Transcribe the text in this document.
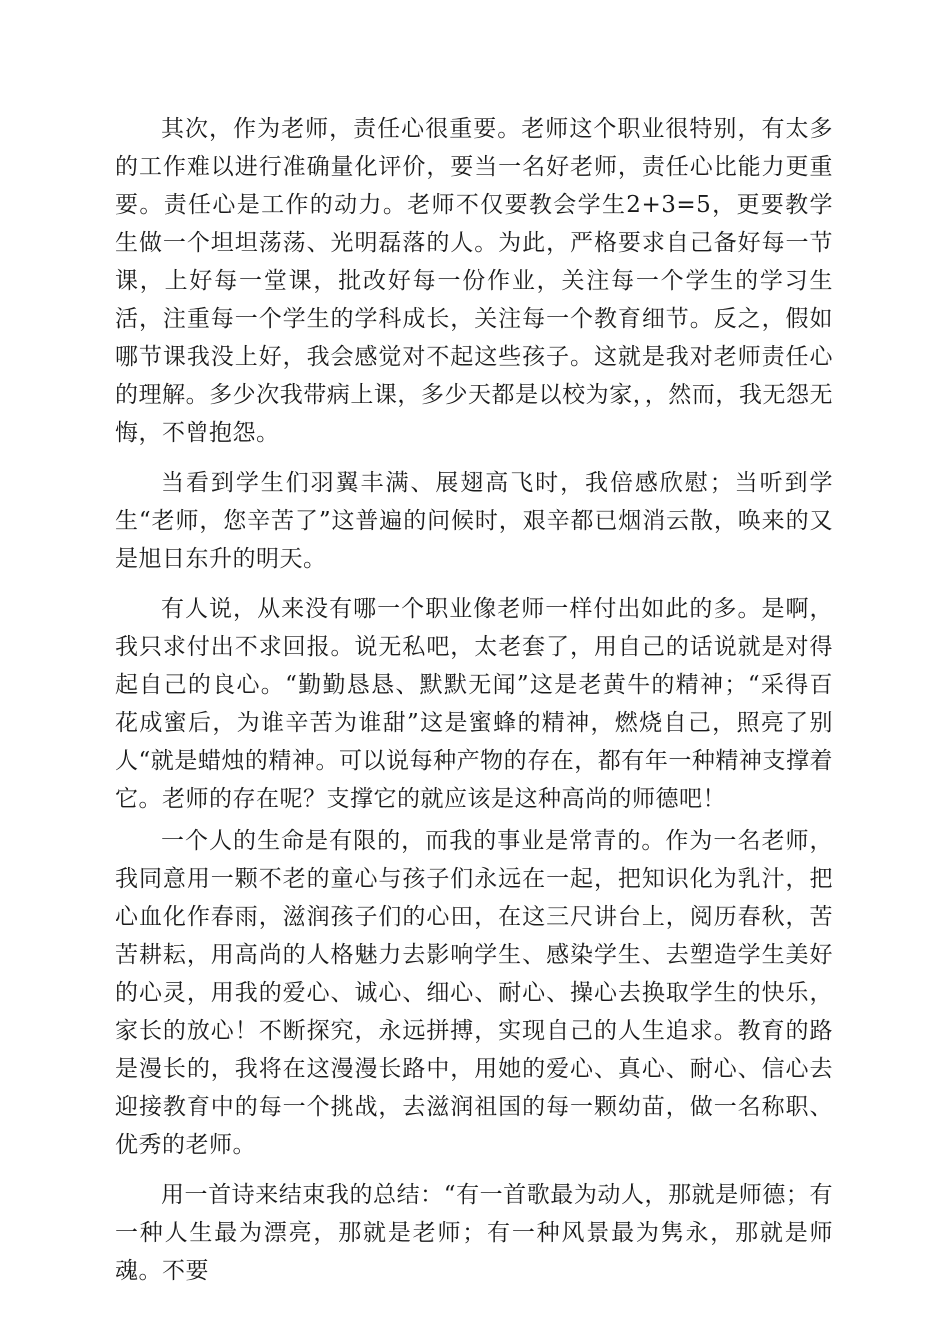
其次，作为老师，责任心很重要。老师这个职业很特别，有太多的工作难以进行准确量化评价，要当一名好老师，责任心比能力更重要。责任心是工作的动力。老师不仅要教会学生2+3=5，更要教学生做一个坦坦荡荡、光明磊落的人。为此，严格要求自己备好每一节课，上好每一堂课，批改好每一份作业，关注每一个学生的学习生活，注重每一个学生的学科成长，关注每一个教育细节。反之，假如哪节课我没上好，我会感觉对不起这些孩子。这就是我对老师责任心的理解。多少次我带病上课，多少天都是以校为家，，然而，我无怨无悔，不曾抱怨。

当看到学生们羽翼丰满、展翅高飞时，我倍感欣慰；当听到学生“老师，您辛苦了”这普遍的问候时，艰辛都已烟消云散，唤来的又是旭日东升的明天。

有人说，从来没有哪一个职业像老师一样付出如此的多。是啊，我只求付出不求回报。说无私吧，太老套了，用自己的话说就是对得起自己的良心。“勤勤恳恳、默默无闻”这是老黄牛的精神；“采得百花成蜜后，为谁辛苦为谁甜”这是蜜蜂的精神，燃烧自己，照亮了别人“就是蜡烛的精神。可以说每种产物的存在，都有年一种精神支撑着它。老师的存在呢？支撑它的就应该是这种高尚的师德吧！

一个人的生命是有限的，而我的事业是常青的。作为一名老师，我同意用一颗不老的童心与孩子们永远在一起，把知识化为乳汁，把心血化作春雨，滋润孩子们的心田，在这三尺讲台上，阅历春秋，苦苦耕耘，用高尚的人格魅力去影响学生、感染学生、去塑造学生美好的心灵，用我的爱心、诚心、细心、耐心、操心去换取学生的快乐，家长的放心！不断探究，永远拼搏，实现自己的人生追求。教育的路是漫长的，我将在这漫漫长路中，用她的爱心、真心、耐心、信心去迎接教育中的每一个挑战，去滋润祖国的每一颗幼苗，做一名称职、优秀的老师。

用一首诗来结束我的总结：“有一首歌最为动人，那就是师德；有一种人生最为漂亮，那就是老师；有一种风景最为隽永，那就是师魂。不要
